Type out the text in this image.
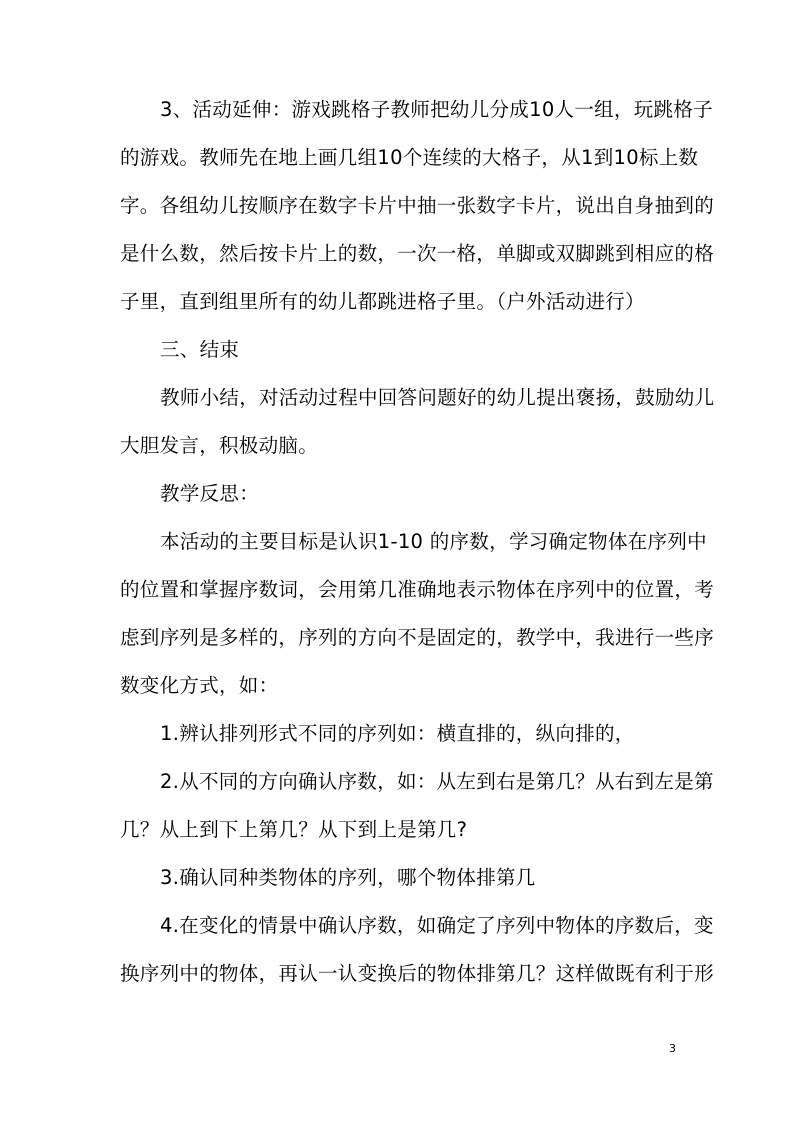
3、活动延伸：游戏跳格子教师把幼儿分成10人一组，玩跳格子
的游戏。教师先在地上画几组10个连续的大格子，从1到10标上数
字。各组幼儿按顺序在数字卡片中抽一张数字卡片，说出自身抽到的
是什么数，然后按卡片上的数，一次一格，单脚或双脚跳到相应的格
子里，直到组里所有的幼儿都跳进格子里。（户外活动进行）
三、结束
教师小结，对活动过程中回答问题好的幼儿提出褒扬，鼓励幼儿
大胆发言，积极动脑。
教学反思：
本活动的主要目标是认识1-10 的序数，学习确定物体在序列中
的位置和掌握序数词，会用第几准确地表示物体在序列中的位置，考
虑到序列是多样的，序列的方向不是固定的，教学中，我进行一些序
数变化方式，如：
1.辨认排列形式不同的序列如：横直排的，纵向排的，
2.从不同的方向确认序数，如：从左到右是第几？从右到左是第
几？从上到下上第几？从下到上是第几?
3.确认同种类物体的序列，哪个物体排第几
4.在变化的情景中确认序数，如确定了序列中物体的序数后，变
换序列中的物体，再认一认变换后的物体排第几？这样做既有利于形
3
